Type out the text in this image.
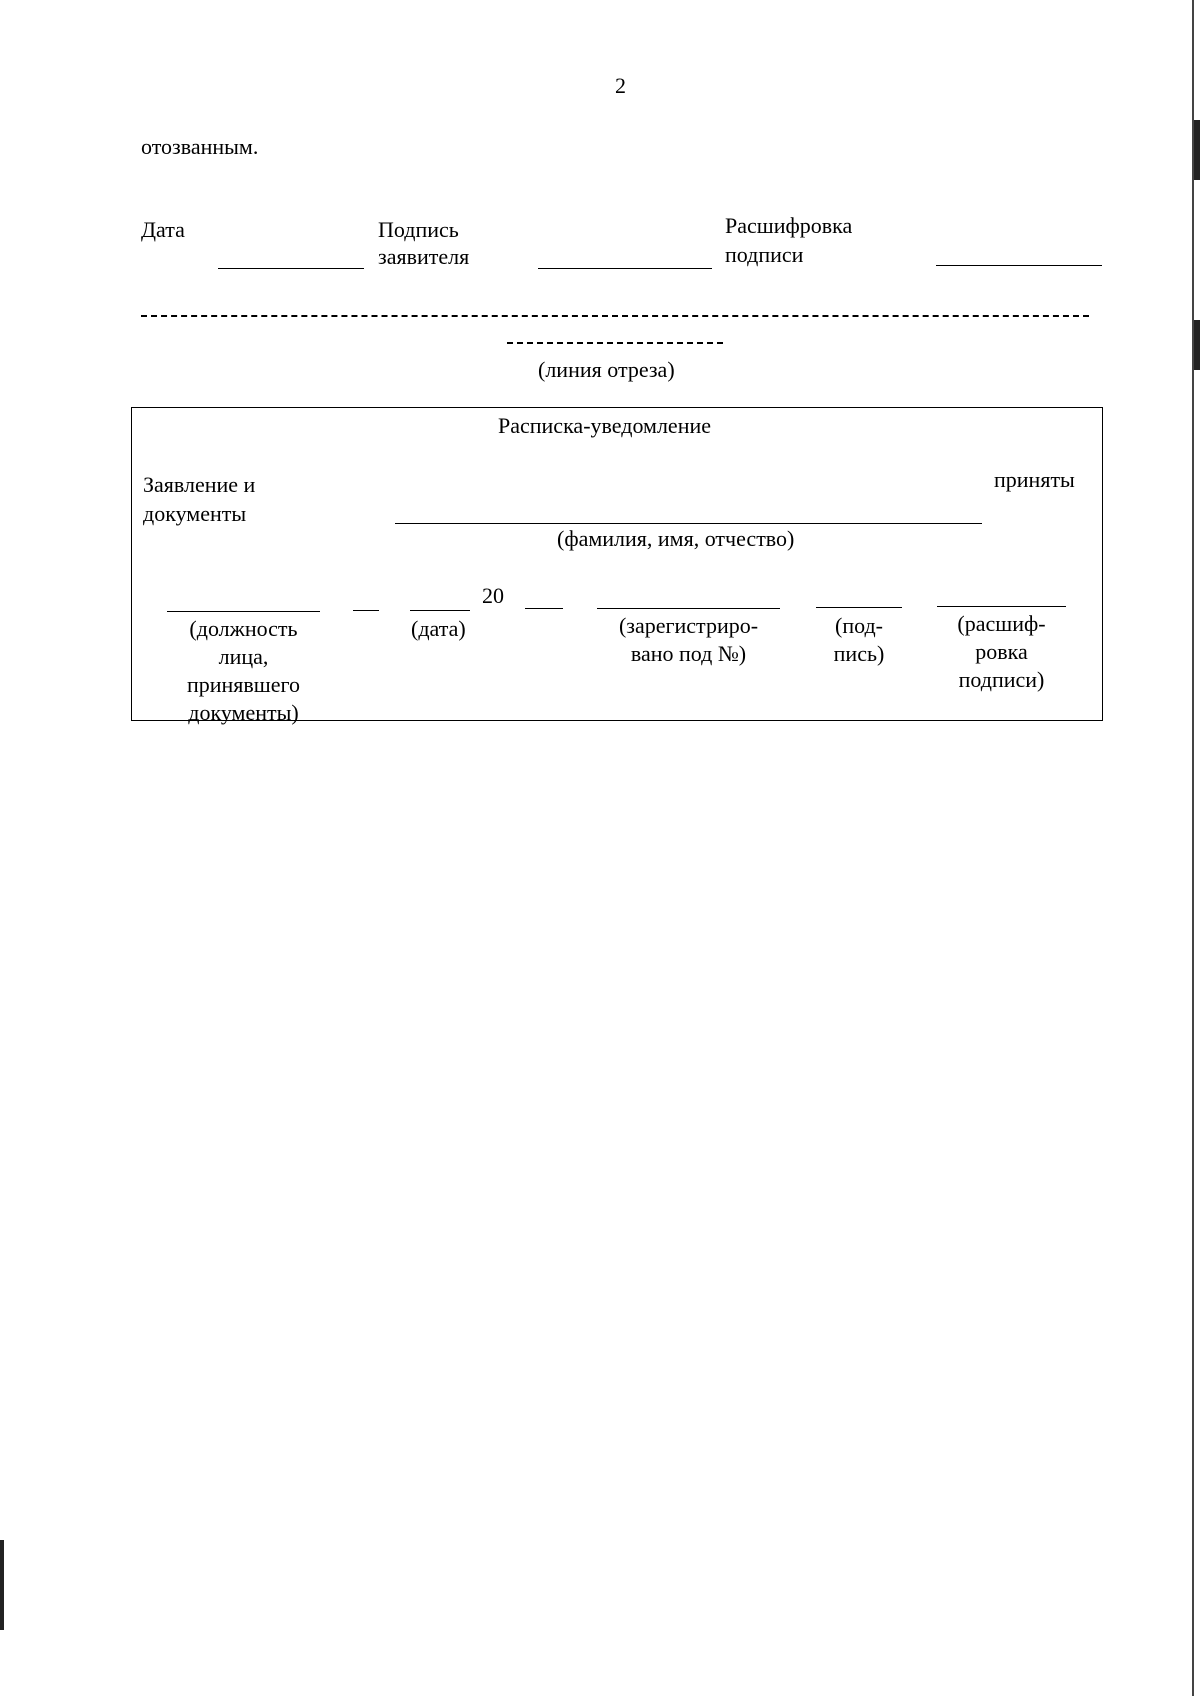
2
отозванным.
Дата	Подпись
заявителя
Расшифровка
подписи
(линия отреза)
Расписка-уведомление
Заявление и
документы
приняты
(фамилия, имя, отчество)
20
(должность
лица,
принявшего
документы)
(дата)	(зарегистриро-
вано под №)
(под-
пись)
(расшиф-
ровка
подписи)
